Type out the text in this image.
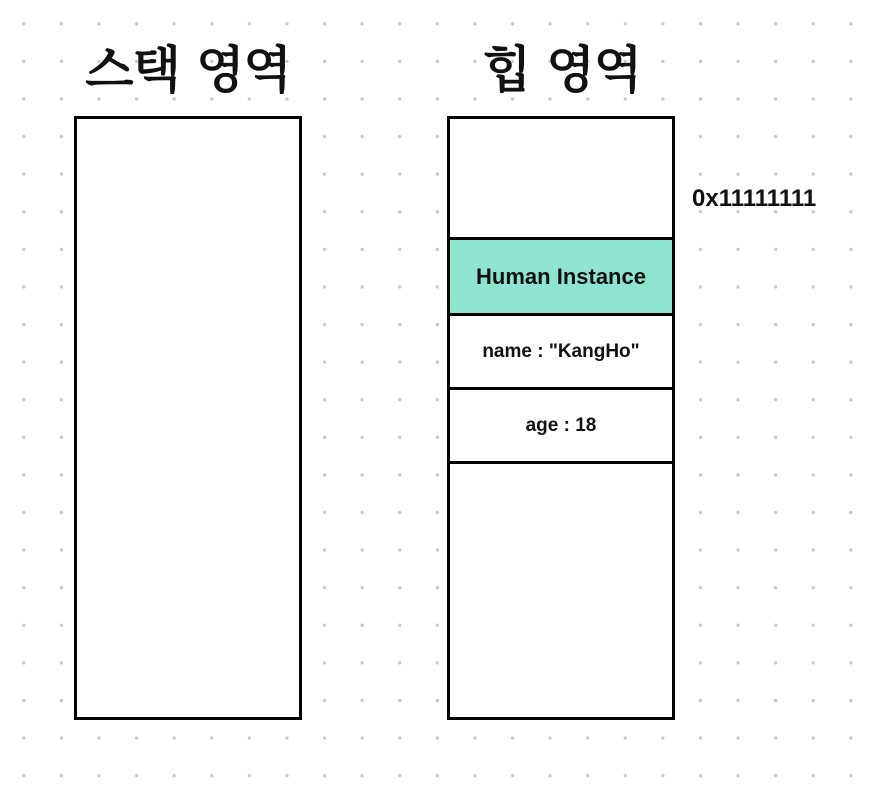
스택 영역	힙 영역
Human Instance
name : "KangHo"
age : 18
0x11111111
